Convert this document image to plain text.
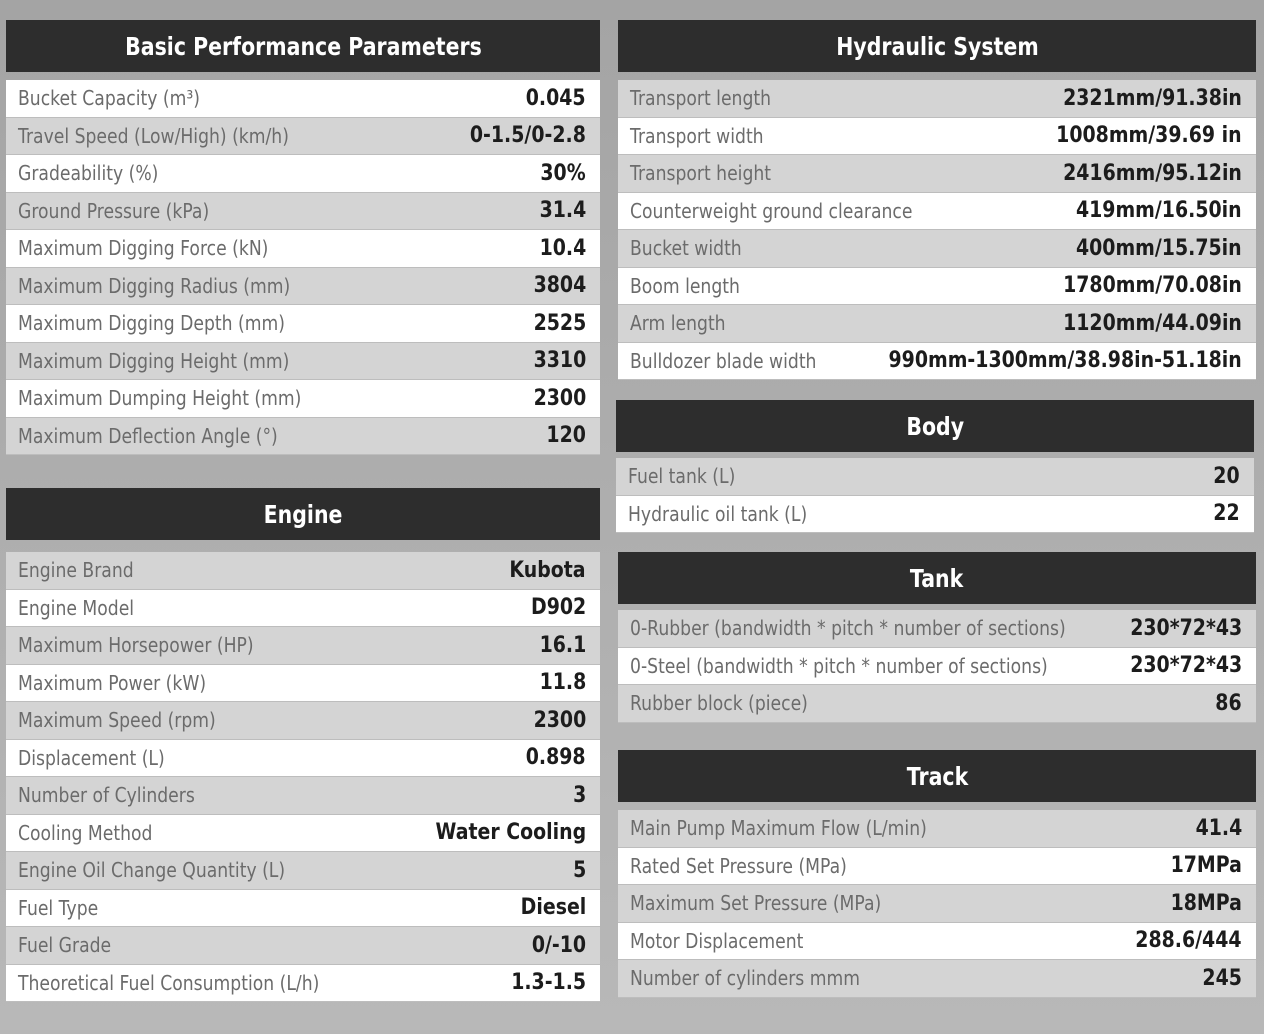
Basic Performance Parameters
Bucket Capacity (m³)	0.045
Travel Speed (Low/High) (km/h)	0-1.5/0-2.8
Gradeability (%)	30%
Ground Pressure (kPa)	31.4
Maximum Digging Force (kN)	10.4
Maximum Digging Radius (mm)	3804
Maximum Digging Depth (mm)	2525
Maximum Digging Height (mm)	3310
Maximum Dumping Height (mm)	2300
Maximum Deflection Angle (°)	120
Engine
Engine Brand	Kubota
Engine Model	D902
Maximum Horsepower (HP)	16.1
Maximum Power (kW)	11.8
Maximum Speed (rpm)	2300
Displacement (L)	0.898
Number of Cylinders	3
Cooling Method	Water Cooling
Engine Oil Change Quantity (L)	5
Fuel Type	Diesel
Fuel Grade	0/-10
Theoretical Fuel Consumption (L/h)	1.3-1.5
Hydraulic System
Transport length	2321mm/91.38in
Transport width	1008mm/39.69 in
Transport height	2416mm/95.12in
Counterweight ground clearance	419mm/16.50in
Bucket width	400mm/15.75in
Boom length	1780mm/70.08in
Arm length	1120mm/44.09in
Bulldozer blade width	990mm-1300mm/38.98in-51.18in
Body
Fuel tank (L)	20
Hydraulic oil tank (L)	22
Tank
0-Rubber (bandwidth * pitch * number of sections)	230*72*43
0-Steel (bandwidth * pitch * number of sections)	230*72*43
Rubber block (piece)	86
Track
Main Pump Maximum Flow (L/min)	41.4
Rated Set Pressure (MPa)	17MPa
Maximum Set Pressure (MPa)	18MPa
Motor Displacement	288.6/444
Number of cylinders mmm	245
